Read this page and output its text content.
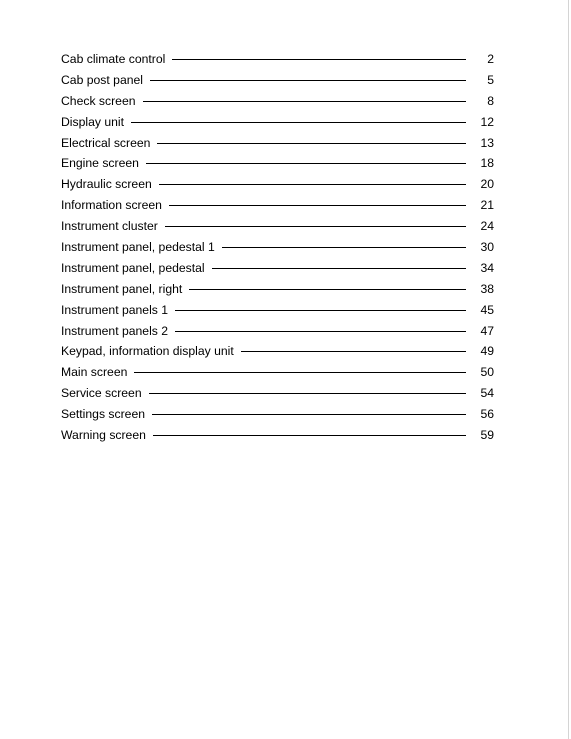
Cab climate control	2
Cab post panel	5
Check screen	8
Display unit	12
Electrical screen	13
Engine screen	18
Hydraulic screen	20
Information screen	21
Instrument cluster	24
Instrument panel, pedestal 1	30
Instrument panel, pedestal	34
Instrument panel, right	38
Instrument panels 1	45
Instrument panels 2	47
Keypad, information display unit	49
Main screen	50
Service screen	54
Settings screen	56
Warning screen	59
